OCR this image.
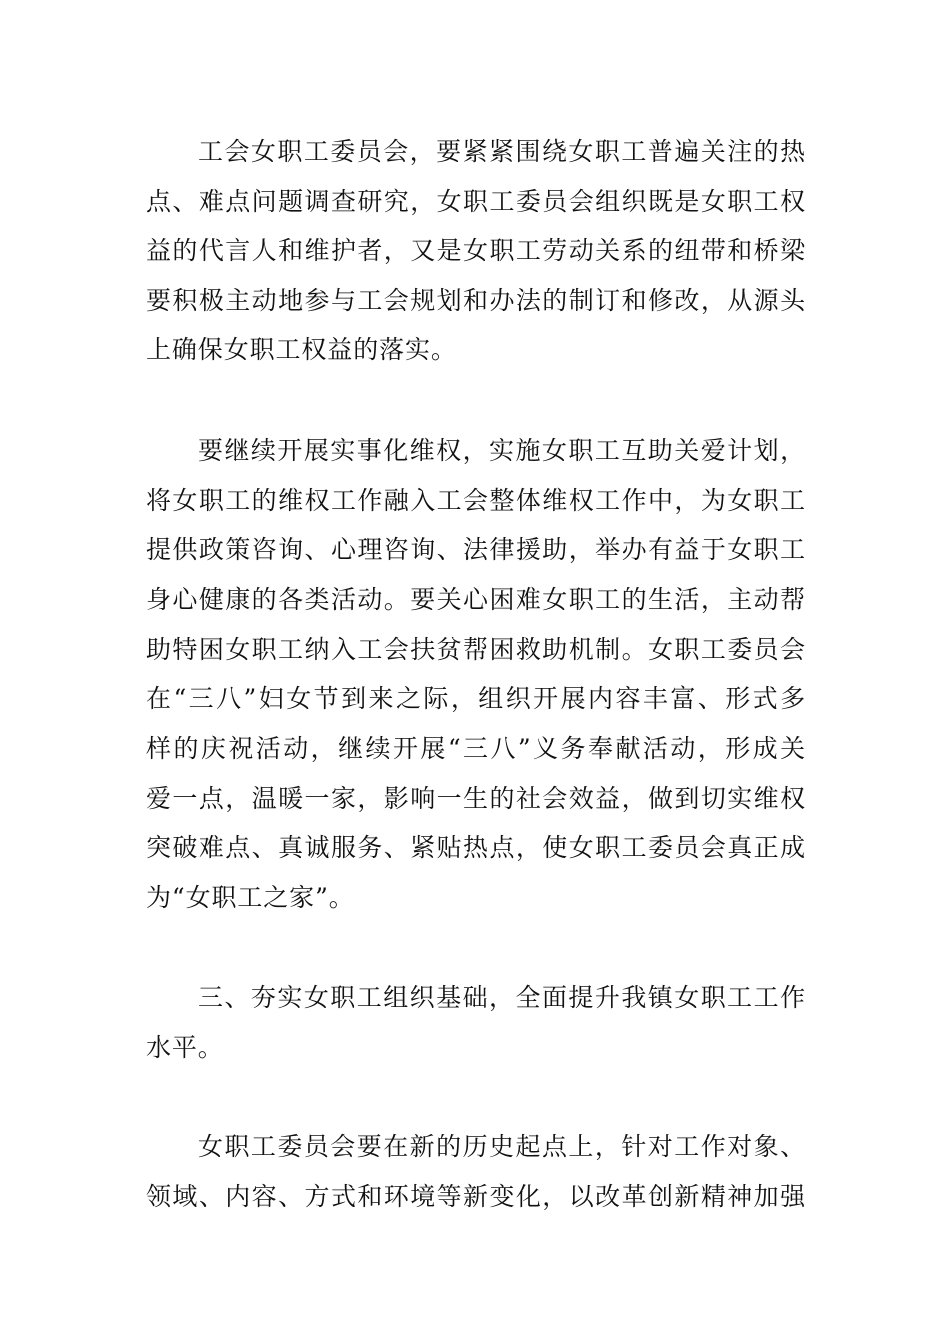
工会女职工委员会，要紧紧围绕女职工普遍关注的热
点、难点问题调查研究，女职工委员会组织既是女职工权
益的代言人和维护者，又是女职工劳动关系的纽带和桥梁
要积极主动地参与工会规划和办法的制订和修改，从源头
上确保女职工权益的落实。
要继续开展实事化维权，实施女职工互助关爱计划，
将女职工的维权工作融入工会整体维权工作中，为女职工
提供政策咨询、心理咨询、法律援助，举办有益于女职工
身心健康的各类活动。要关心困难女职工的生活，主动帮
助特困女职工纳入工会扶贫帮困救助机制。女职工委员会
在“三八”妇女节到来之际，组织开展内容丰富、形式多
样的庆祝活动，继续开展“三八”义务奉献活动，形成关
爱一点，温暖一家，影响一生的社会效益，做到切实维权
突破难点、真诚服务、紧贴热点，使女职工委员会真正成
为“女职工之家”。
三、夯实女职工组织基础，全面提升我镇女职工工作
水平。
女职工委员会要在新的历史起点上，针对工作对象、
领域、内容、方式和环境等新变化，以改革创新精神加强
